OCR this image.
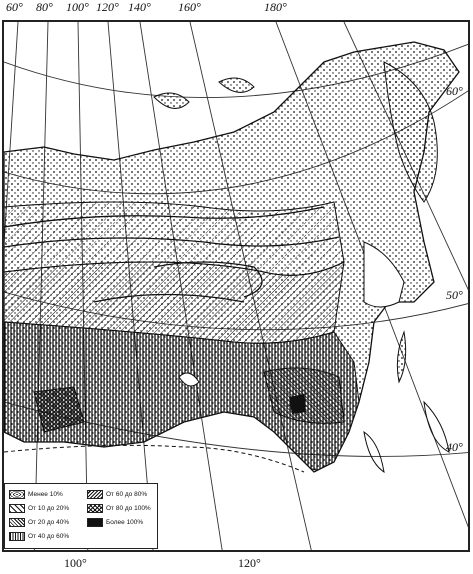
60° 80° 100° 120° 140° 160°	180°
60°
50°
40°
Менее 10%
От 10 до 20%
От 20 до 40%
От 40 до 60%
От 60 до 80%
От 80 до 100%
Более 100%
100°	120°
